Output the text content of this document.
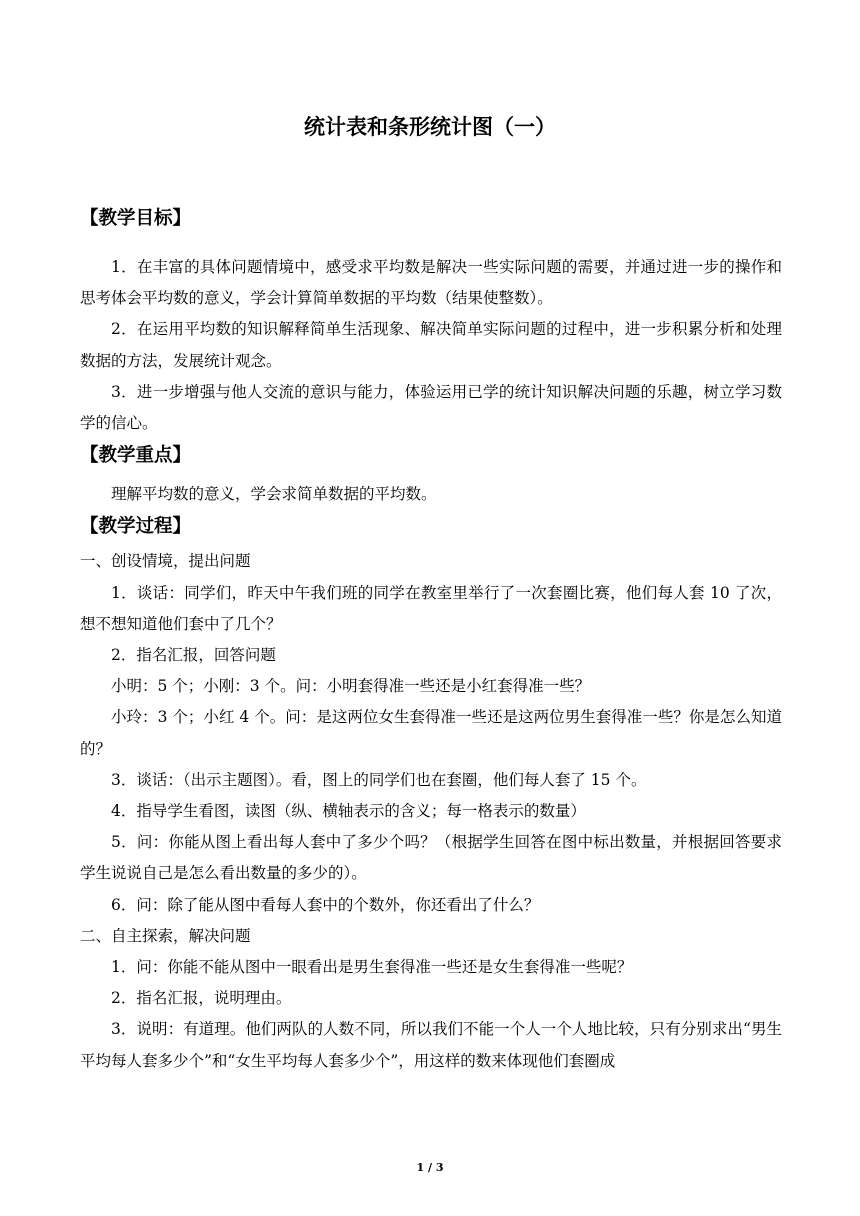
统计表和条形统计图（一）
【教学目标】

1．在丰富的具体问题情境中，感受求平均数是解决一些实际问题的需要，并通过进一步的操作和思考体会平均数的意义，学会计算简单数据的平均数（结果使整数）。

2．在运用平均数的知识解释简单生活现象、解决简单实际问题的过程中，进一步积累分析和处理数据的方法，发展统计观念。

3．进一步增强与他人交流的意识与能力，体验运用已学的统计知识解决问题的乐趣，树立学习数学的信心。

【教学重点】

理解平均数的意义，学会求简单数据的平均数。

【教学过程】

一、创设情境，提出问题

1．谈话：同学们，昨天中午我们班的同学在教室里举行了一次套圈比赛，他们每人套 10 了次，想不想知道他们套中了几个？

2．指名汇报，回答问题

小明：5 个；小刚：3 个。问：小明套得准一些还是小红套得准一些？

小玲：3 个；小红 4 个。问：是这两位女生套得准一些还是这两位男生套得准一些？你是怎么知道的？

3．谈话：（出示主题图）。看，图上的同学们也在套圈，他们每人套了 15 个。

4．指导学生看图，读图（纵、横轴表示的含义；每一格表示的数量）

5．问：你能从图上看出每人套中了多少个吗？（根据学生回答在图中标出数量，并根据回答要求学生说说自己是怎么看出数量的多少的）。

6．问：除了能从图中看每人套中的个数外，你还看出了什么？

二、自主探索，解决问题

1．问：你能不能从图中一眼看出是男生套得准一些还是女生套得准一些呢？

2．指名汇报，说明理由。

3．说明：有道理。他们两队的人数不同，所以我们不能一个人一个人地比较，只有分别求出“男生平均每人套多少个”和“女生平均每人套多少个”，用这样的数来体现他们套圈成

1 / 3
